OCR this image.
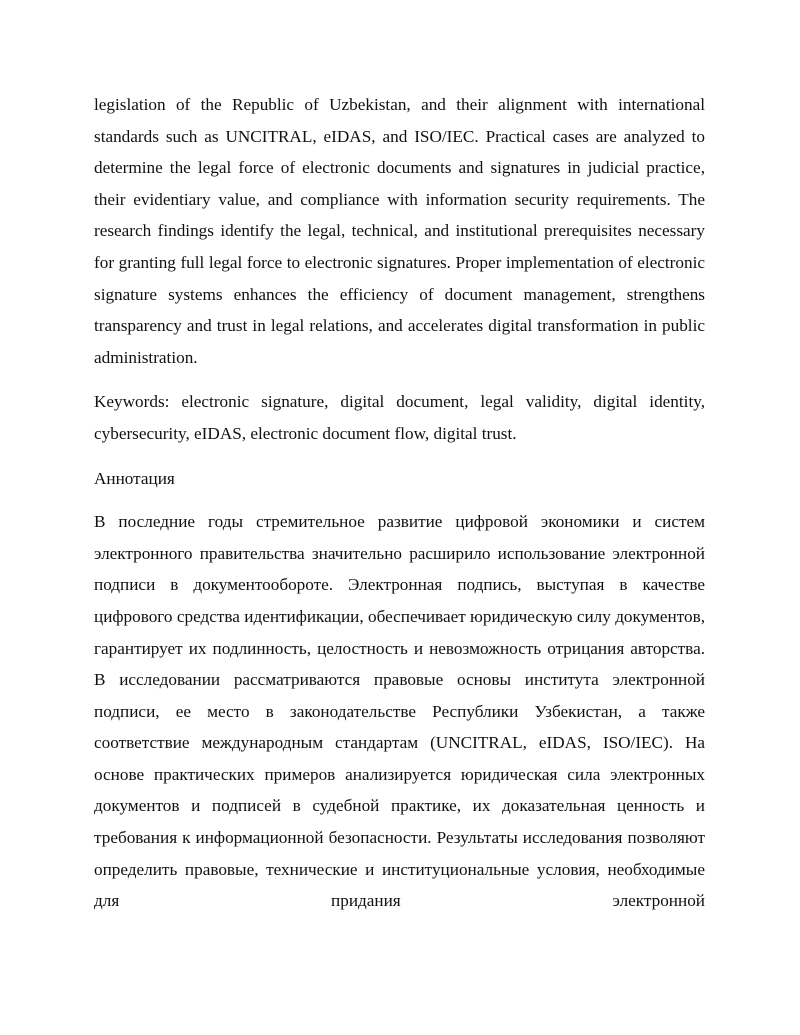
legislation of the Republic of Uzbekistan, and their alignment with international standards such as UNCITRAL, eIDAS, and ISO/IEC. Practical cases are analyzed to determine the legal force of electronic documents and signatures in judicial practice, their evidentiary value, and compliance with information security requirements. The research findings identify the legal, technical, and institutional prerequisites necessary for granting full legal force to electronic signatures. Proper implementation of electronic signature systems enhances the efficiency of document management, strengthens transparency and trust in legal relations, and accelerates digital transformation in public administration.

Keywords: electronic signature, digital document, legal validity, digital identity, cybersecurity, eIDAS, electronic document flow, digital trust.

Аннотация

В последние годы стремительное развитие цифровой экономики и систем электронного правительства значительно расширило использование электронной подписи в документообороте. Электронная подпись, выступая в качестве цифрового средства идентификации, обеспечивает юридическую силу документов, гарантирует их подлинность, целостность и невозможность отрицания авторства. В исследовании рассматриваются правовые основы института электронной подписи, ее место в законодательстве Республики Узбекистан, а также соответствие международным стандартам (UNCITRAL, eIDAS, ISO/IEC). На основе практических примеров анализируется юридическая сила электронных документов и подписей в судебной практике, их доказательная ценность и требования к информационной безопасности. Результаты исследования позволяют определить правовые, технические и институциональные условия, необходимые для придания электронной
